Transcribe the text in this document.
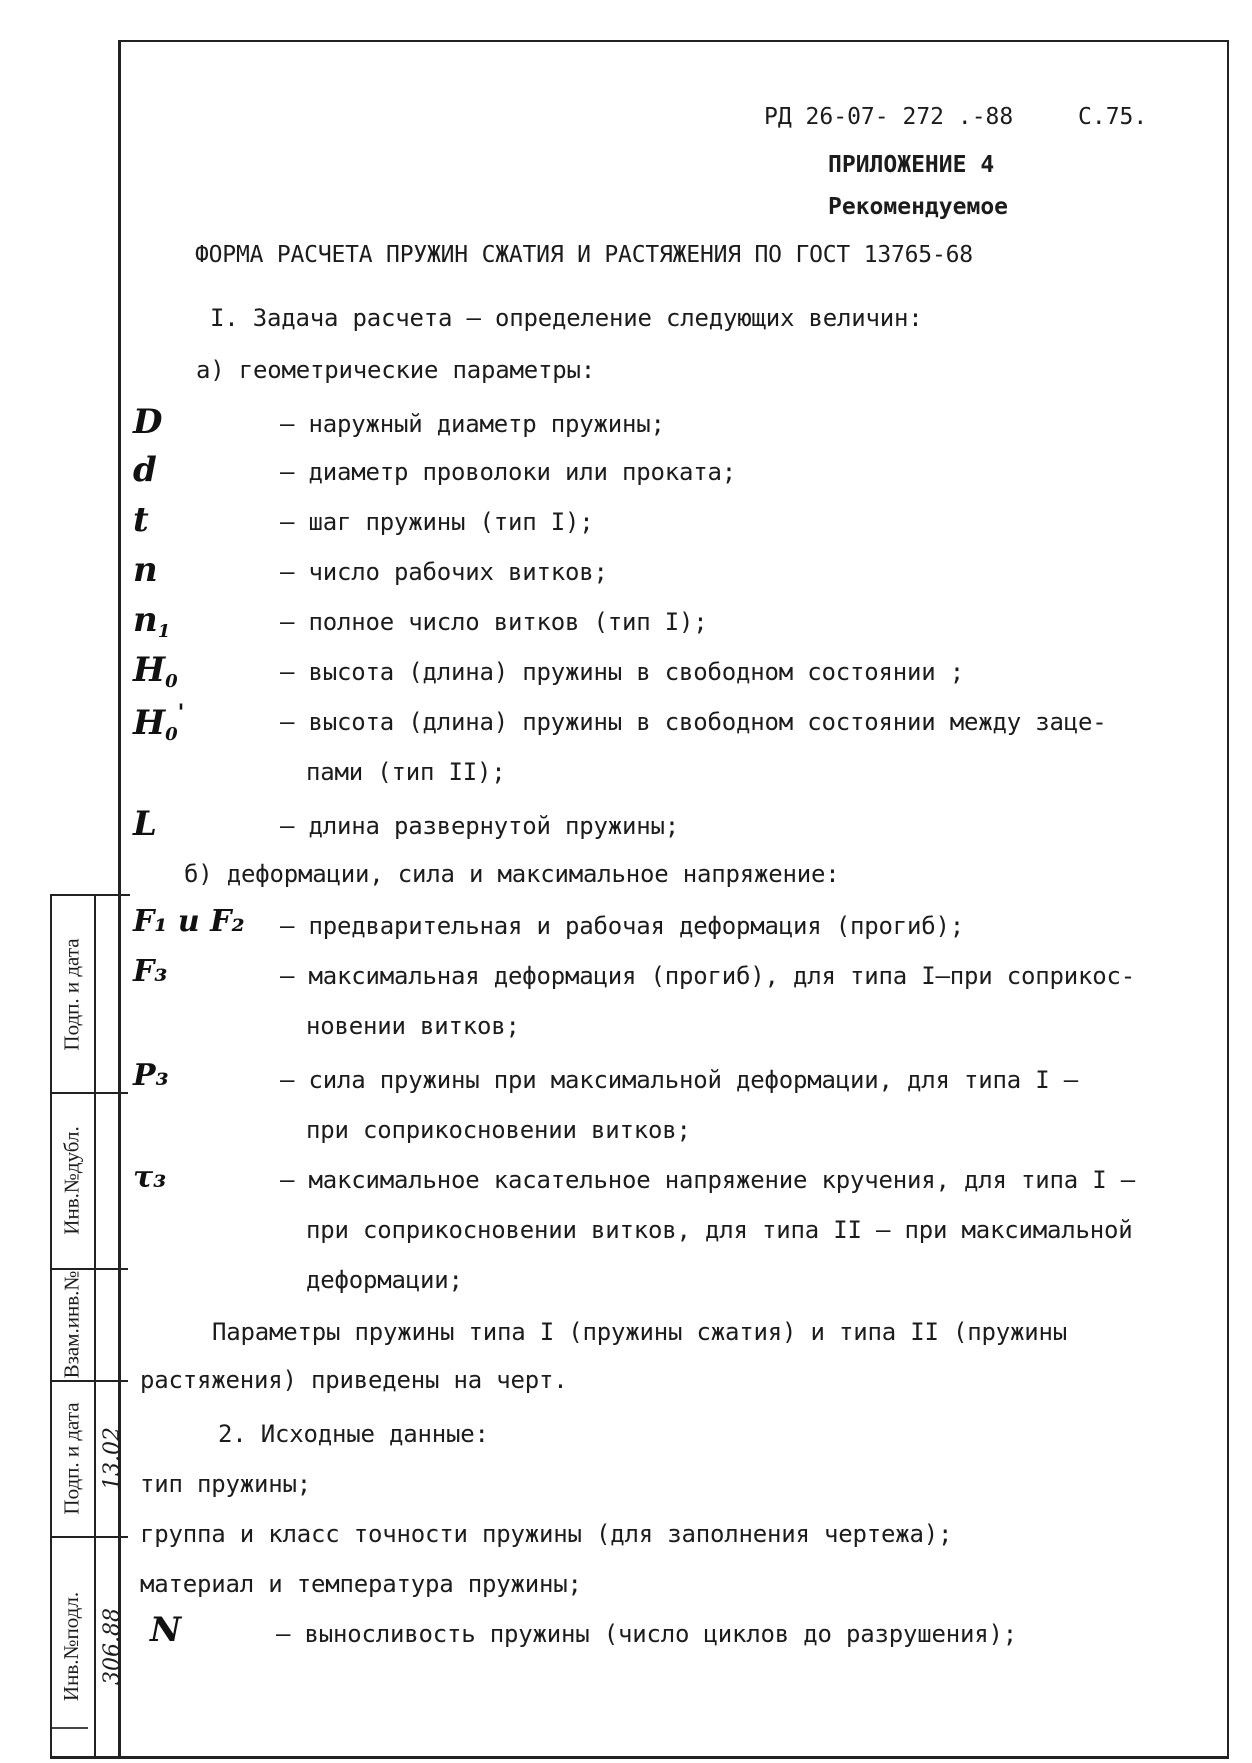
РД 26-07- 272 .-88	С.75.
ПРИЛОЖЕНИЕ 4
Рекомендуемое
ФОРМА РАСЧЕТА ПРУЖИН СЖАТИЯ И РАСТЯЖЕНИЯ ПО ГОСТ 13765-68
I. Задача расчета – определение следующих величин:
а) геометрические параметры:
D	– наружный диаметр пружины;
d	– диаметр проволоки или проката;
t	– шаг пружины (тип I);
n	– число рабочих витков;
$n_1$	– полное число витков (тип I);
$H_0$	– высота (длина) пружины в свободном состоянии ;
$H_0'$	– высота (длина) пружины в свободном состоянии между заце-
пами (тип II);
L	– длина развернутой пружины;
б) деформации, сила и максимальное напряжение:
F₁ и F₂ – предварительная и рабочая деформация (прогиб);
F₃	– максимальная деформация (прогиб), для типа I–при соприкос-
новении витков;
P₃	– сила пружины при максимальной деформации, для типа I –
при соприкосновении витков;
τ₃	– максимальное касательное напряжение кручения, для типа I –
при соприкосновении витков, для типа II – при максимальной
деформации;
Параметры пружины типа I (пружины сжатия) и типа II (пружины
растяжения) приведены на черт.
2. Исходные данные:
тип пружины;
группа и класс точности пружины (для заполнения чертежа);
материал и температура пружины;
N	– выносливость пружины (число циклов до разрушения);
Подп. и дата
Инв.№дубл.
Взам.инв.№
Подп. и дата
Инв.№подл.
13.02
306.88
